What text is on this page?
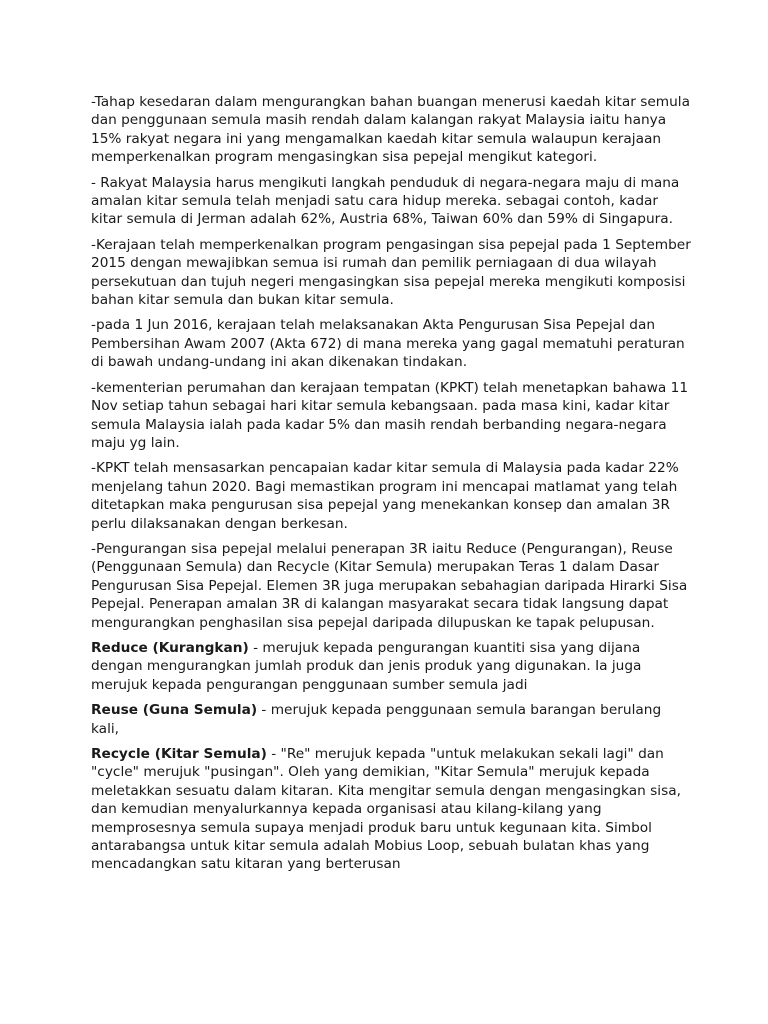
-Tahap kesedaran dalam mengurangkan bahan buangan menerusi kaedah kitar semula dan penggunaan semula masih rendah dalam kalangan rakyat Malaysia iaitu hanya 15% rakyat negara ini yang mengamalkan kaedah kitar semula walaupun kerajaan memperkenalkan program mengasingkan sisa pepejal mengikut kategori.

- Rakyat Malaysia harus mengikuti langkah penduduk di negara-negara maju di mana amalan kitar semula telah menjadi satu cara hidup mereka. sebagai contoh, kadar kitar semula di Jerman adalah 62%, Austria 68%, Taiwan 60% dan 59% di Singapura.

-Kerajaan telah memperkenalkan program pengasingan sisa pepejal pada 1 September 2015 dengan mewajibkan semua isi rumah dan pemilik perniagaan di dua wilayah persekutuan dan tujuh negeri mengasingkan sisa pepejal mereka mengikuti komposisi bahan kitar semula dan bukan kitar semula.

-pada 1 Jun 2016, kerajaan telah melaksanakan Akta Pengurusan Sisa Pepejal dan Pembersihan Awam 2007 (Akta 672) di mana mereka yang gagal mematuhi peraturan di bawah undang-undang ini akan dikenakan tindakan.

-kementerian perumahan dan kerajaan tempatan (KPKT) telah menetapkan bahawa 11 Nov setiap tahun sebagai hari kitar semula kebangsaan. pada masa kini, kadar kitar semula Malaysia ialah pada kadar 5% dan masih rendah berbanding negara-negara maju yg lain.

-KPKT telah mensasarkan pencapaian kadar kitar semula di Malaysia pada kadar 22% menjelang tahun 2020. Bagi memastikan program ini mencapai matlamat yang telah ditetapkan maka pengurusan sisa pepejal yang menekankan konsep dan amalan 3R perlu dilaksanakan dengan berkesan.

-Pengurangan sisa pepejal melalui penerapan 3R iaitu Reduce (Pengurangan), Reuse (Penggunaan Semula) dan Recycle (Kitar Semula) merupakan Teras 1 dalam Dasar Pengurusan Sisa Pepejal. Elemen 3R juga merupakan sebahagian daripada Hirarki Sisa Pepejal. Penerapan amalan 3R di kalangan masyarakat secara tidak langsung dapat mengurangkan penghasilan sisa pepejal daripada dilupuskan ke tapak pelupusan.

Reduce (Kurangkan) - merujuk kepada pengurangan kuantiti sisa yang dijana dengan mengurangkan jumlah produk dan jenis produk yang digunakan. Ia juga merujuk kepada pengurangan penggunaan sumber semula jadi

Reuse (Guna Semula) - merujuk kepada penggunaan semula barangan berulang kali,

Recycle (Kitar Semula) - "Re" merujuk kepada "untuk melakukan sekali lagi" dan "cycle" merujuk "pusingan". Oleh yang demikian, "Kitar Semula" merujuk kepada meletakkan sesuatu dalam kitaran. Kita mengitar semula dengan mengasingkan sisa, dan kemudian menyalurkannya kepada organisasi atau kilang-kilang yang memprosesnya semula supaya menjadi produk baru untuk kegunaan kita. Simbol antarabangsa untuk kitar semula adalah Mobius Loop, sebuah bulatan khas yang mencadangkan satu kitaran yang berterusan
